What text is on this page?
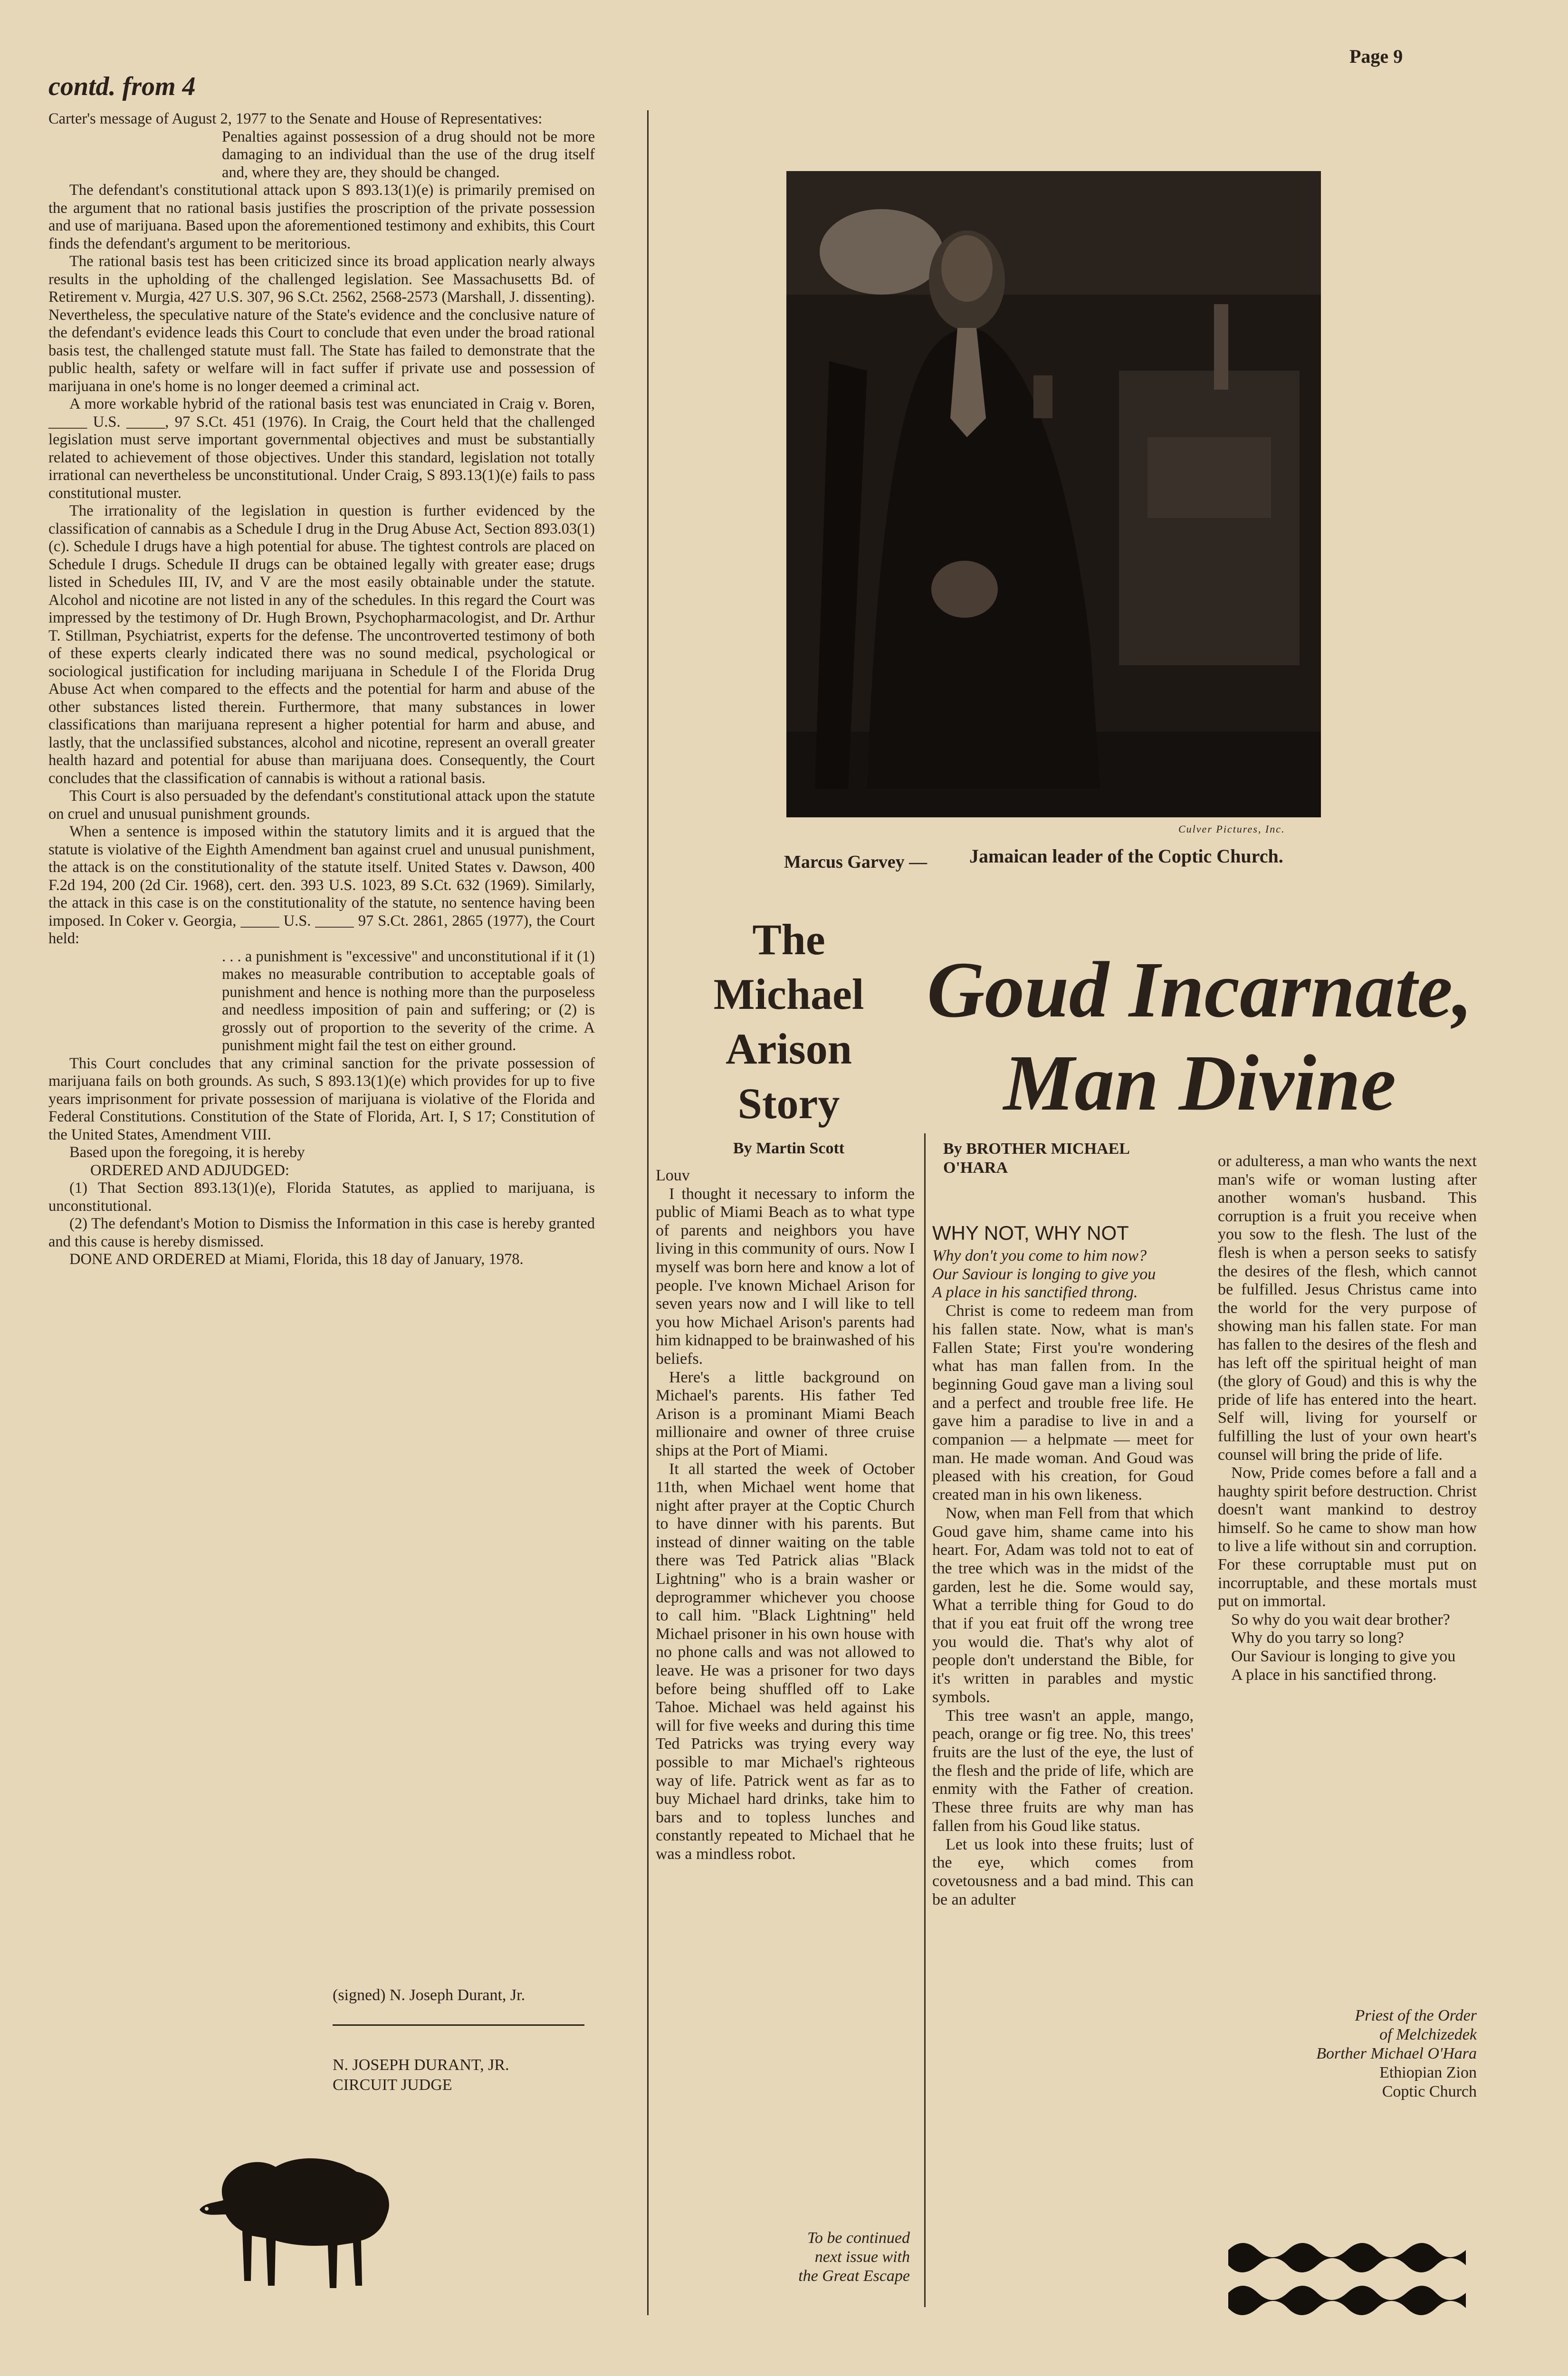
contd. from 4
Page 9

Carter's message of August 2, 1977 to the Senate and House of Representatives:

Penalties against possession of a drug should not be more damaging to an individual than the use of the drug itself and, where they are, they should be changed.

The defendant's constitutional attack upon S 893.13(1)(e) is primarily premised on the argument that no rational basis justifies the proscription of the private possession and use of marijuana. Based upon the aforementioned testimony and exhibits, this Court finds the defendant's argument to be meritorious.

The rational basis test has been criticized since its broad application nearly always results in the upholding of the challenged legislation. See Massachusetts Bd. of Retirement v. Murgia, 427 U.S. 307, 96 S.Ct. 2562, 2568-2573 (Marshall, J. dissenting). Nevertheless, the speculative nature of the State's evidence and the conclusive nature of the defendant's evidence leads this Court to conclude that even under the broad rational basis test, the challenged statute must fall. The State has failed to demonstrate that the public health, safety or welfare will in fact suffer if private use and possession of marijuana in one's home is no longer deemed a criminal act.

A more workable hybrid of the rational basis test was enunciated in Craig v. Boren, _____ U.S. _____, 97 S.Ct. 451 (1976). In Craig, the Court held that the challenged legislation must serve important governmental objectives and must be substantially related to achievement of those objectives. Under this standard, legislation not totally irrational can nevertheless be unconstitutional. Under Craig, S 893.13(1)(e) fails to pass constitutional muster.

The irrationality of the legislation in question is further evidenced by the classification of cannabis as a Schedule I drug in the Drug Abuse Act, Section 893.03(1)(c). Schedule I drugs have a high potential for abuse. The tightest controls are placed on Schedule I drugs. Schedule II drugs can be obtained legally with greater ease; drugs listed in Schedules III, IV, and V are the most easily obtainable under the statute. Alcohol and nicotine are not listed in any of the schedules. In this regard the Court was impressed by the testimony of Dr. Hugh Brown, Psychopharmacologist, and Dr. Arthur T. Stillman, Psychiatrist, experts for the defense. The uncontroverted testimony of both of these experts clearly indicated there was no sound medical, psychological or sociological justification for including marijuana in Schedule I of the Florida Drug Abuse Act when compared to the effects and the potential for harm and abuse of the other substances listed therein. Furthermore, that many substances in lower classifications than marijuana represent a higher potential for harm and abuse, and lastly, that the unclassified substances, alcohol and nicotine, represent an overall greater health hazard and potential for abuse than marijuana does. Consequently, the Court concludes that the classification of cannabis is without a rational basis.

This Court is also persuaded by the defendant's constitutional attack upon the statute on cruel and unusual punishment grounds.

When a sentence is imposed within the statutory limits and it is argued that the statute is violative of the Eighth Amendment ban against cruel and unusual punishment, the attack is on the constitutionality of the statute itself. United States v. Dawson, 400 F.2d 194, 200 (2d Cir. 1968), cert. den. 393 U.S. 1023, 89 S.Ct. 632 (1969). Similarly, the attack in this case is on the constitutionality of the statute, no sentence having been imposed. In Coker v. Georgia, _____ U.S. _____ 97 S.Ct. 2861, 2865 (1977), the Court held:

. . . a punishment is "excessive" and unconstitutional if it (1) makes no measurable contribution to acceptable goals of punishment and hence is nothing more than the purposeless and needless imposition of pain and suffering; or (2) is grossly out of proportion to the severity of the crime. A punishment might fail the test on either ground.

This Court concludes that any criminal sanction for the private possession of marijuana fails on both grounds. As such, S 893.13(1)(e) which provides for up to five years imprisonment for private possession of marijuana is violative of the Florida and Federal Constitutions. Constitution of the State of Florida, Art. I, S 17; Constitution of the United States, Amendment VIII.

Based upon the foregoing, it is hereby

ORDERED AND ADJUDGED:

(1) That Section 893.13(1)(e), Florida Statutes, as applied to marijuana, is unconstitutional.

(2) The defendant's Motion to Dismiss the Information in this case is hereby granted and this cause is hereby dismissed.

DONE AND ORDERED at Miami, Florida, this 18 day of January, 1978.

(signed) N. Joseph Durant, Jr.
N. JOSEPH DURANT, JR.
CIRCUIT JUDGE
Culver Pictures, Inc.
Marcus Garvey — Jamaican leader of the Coptic Church.
The
Michael
Arison
Story
By Martin Scott

Louv

I thought it necessary to inform the public of Miami Beach as to what type of parents and neighbors you have living in this community of ours. Now I myself was born here and know a lot of people. I've known Michael Arison for seven years now and I will like to tell you how Michael Arison's parents had him kidnapped to be brainwashed of his beliefs.

Here's a little background on Michael's parents. His father Ted Arison is a prominant Miami Beach millionaire and owner of three cruise ships at the Port of Miami.

It all started the week of October 11th, when Michael went home that night after prayer at the Coptic Church to have dinner with his parents. But instead of dinner waiting on the table there was Ted Patrick alias "Black Lightning" who is a brain washer or deprogrammer whichever you choose to call him. "Black Lightning" held Michael prisoner in his own house with no phone calls and was not allowed to leave. He was a prisoner for two days before being shuffled off to Lake Tahoe. Michael was held against his will for five weeks and during this time Ted Patricks was trying every way possible to mar Michael's righteous way of life. Patrick went as far as to buy Michael hard drinks, take him to bars and to topless lunches and constantly repeated to Michael that he was a mindless robot.

To be continued
next issue with
the Great Escape
Goud Incarnate,
Man Divine
By BROTHER MICHAEL
O'HARA

WHY NOT, WHY NOT

Why don't you come to him now?

Our Saviour is longing to give you

A place in his sanctified throng.

Christ is come to redeem man from his fallen state. Now, what is man's Fallen State; First you're wondering what has man fallen from. In the beginning Goud gave man a living soul and a perfect and trouble free life. He gave him a paradise to live in and a companion — a helpmate — meet for man. He made woman. And Goud was pleased with his creation, for Goud created man in his own likeness.

Now, when man Fell from that which Goud gave him, shame came into his heart. For, Adam was told not to eat of the tree which was in the midst of the garden, lest he die. Some would say, What a terrible thing for Goud to do that if you eat fruit off the wrong tree you would die. That's why alot of people don't understand the Bible, for it's written in parables and mystic symbols.

This tree wasn't an apple, mango, peach, orange or fig tree. No, this trees' fruits are the lust of the eye, the lust of the flesh and the pride of life, which are enmity with the Father of creation. These three fruits are why man has fallen from his Goud like status.

Let us look into these fruits; lust of the eye, which comes from covetousness and a bad mind. This can be an adulter

or adulteress, a man who wants the next man's wife or woman lusting after another woman's husband. This corruption is a fruit you receive when you sow to the flesh. The lust of the flesh is when a person seeks to satisfy the desires of the flesh, which cannot be fulfilled. Jesus Christus came into the world for the very purpose of showing man his fallen state. For man has fallen to the desires of the flesh and has left off the spiritual height of man (the glory of Goud) and this is why the pride of life has entered into the heart. Self will, living for yourself or fulfilling the lust of your own heart's counsel will bring the pride of life.

Now, Pride comes before a fall and a haughty spirit before destruction. Christ doesn't want mankind to destroy himself. So he came to show man how to live a life without sin and corruption. For these corruptable must put on incorruptable, and these mortals must put on immortal.

So why do you wait dear brother?

Why do you tarry so long?

Our Saviour is longing to give you

A place in his sanctified throng.

Priest of the Order
of Melchizedek
Borther Michael O'Hara
Ethiopian Zion
Coptic Church
